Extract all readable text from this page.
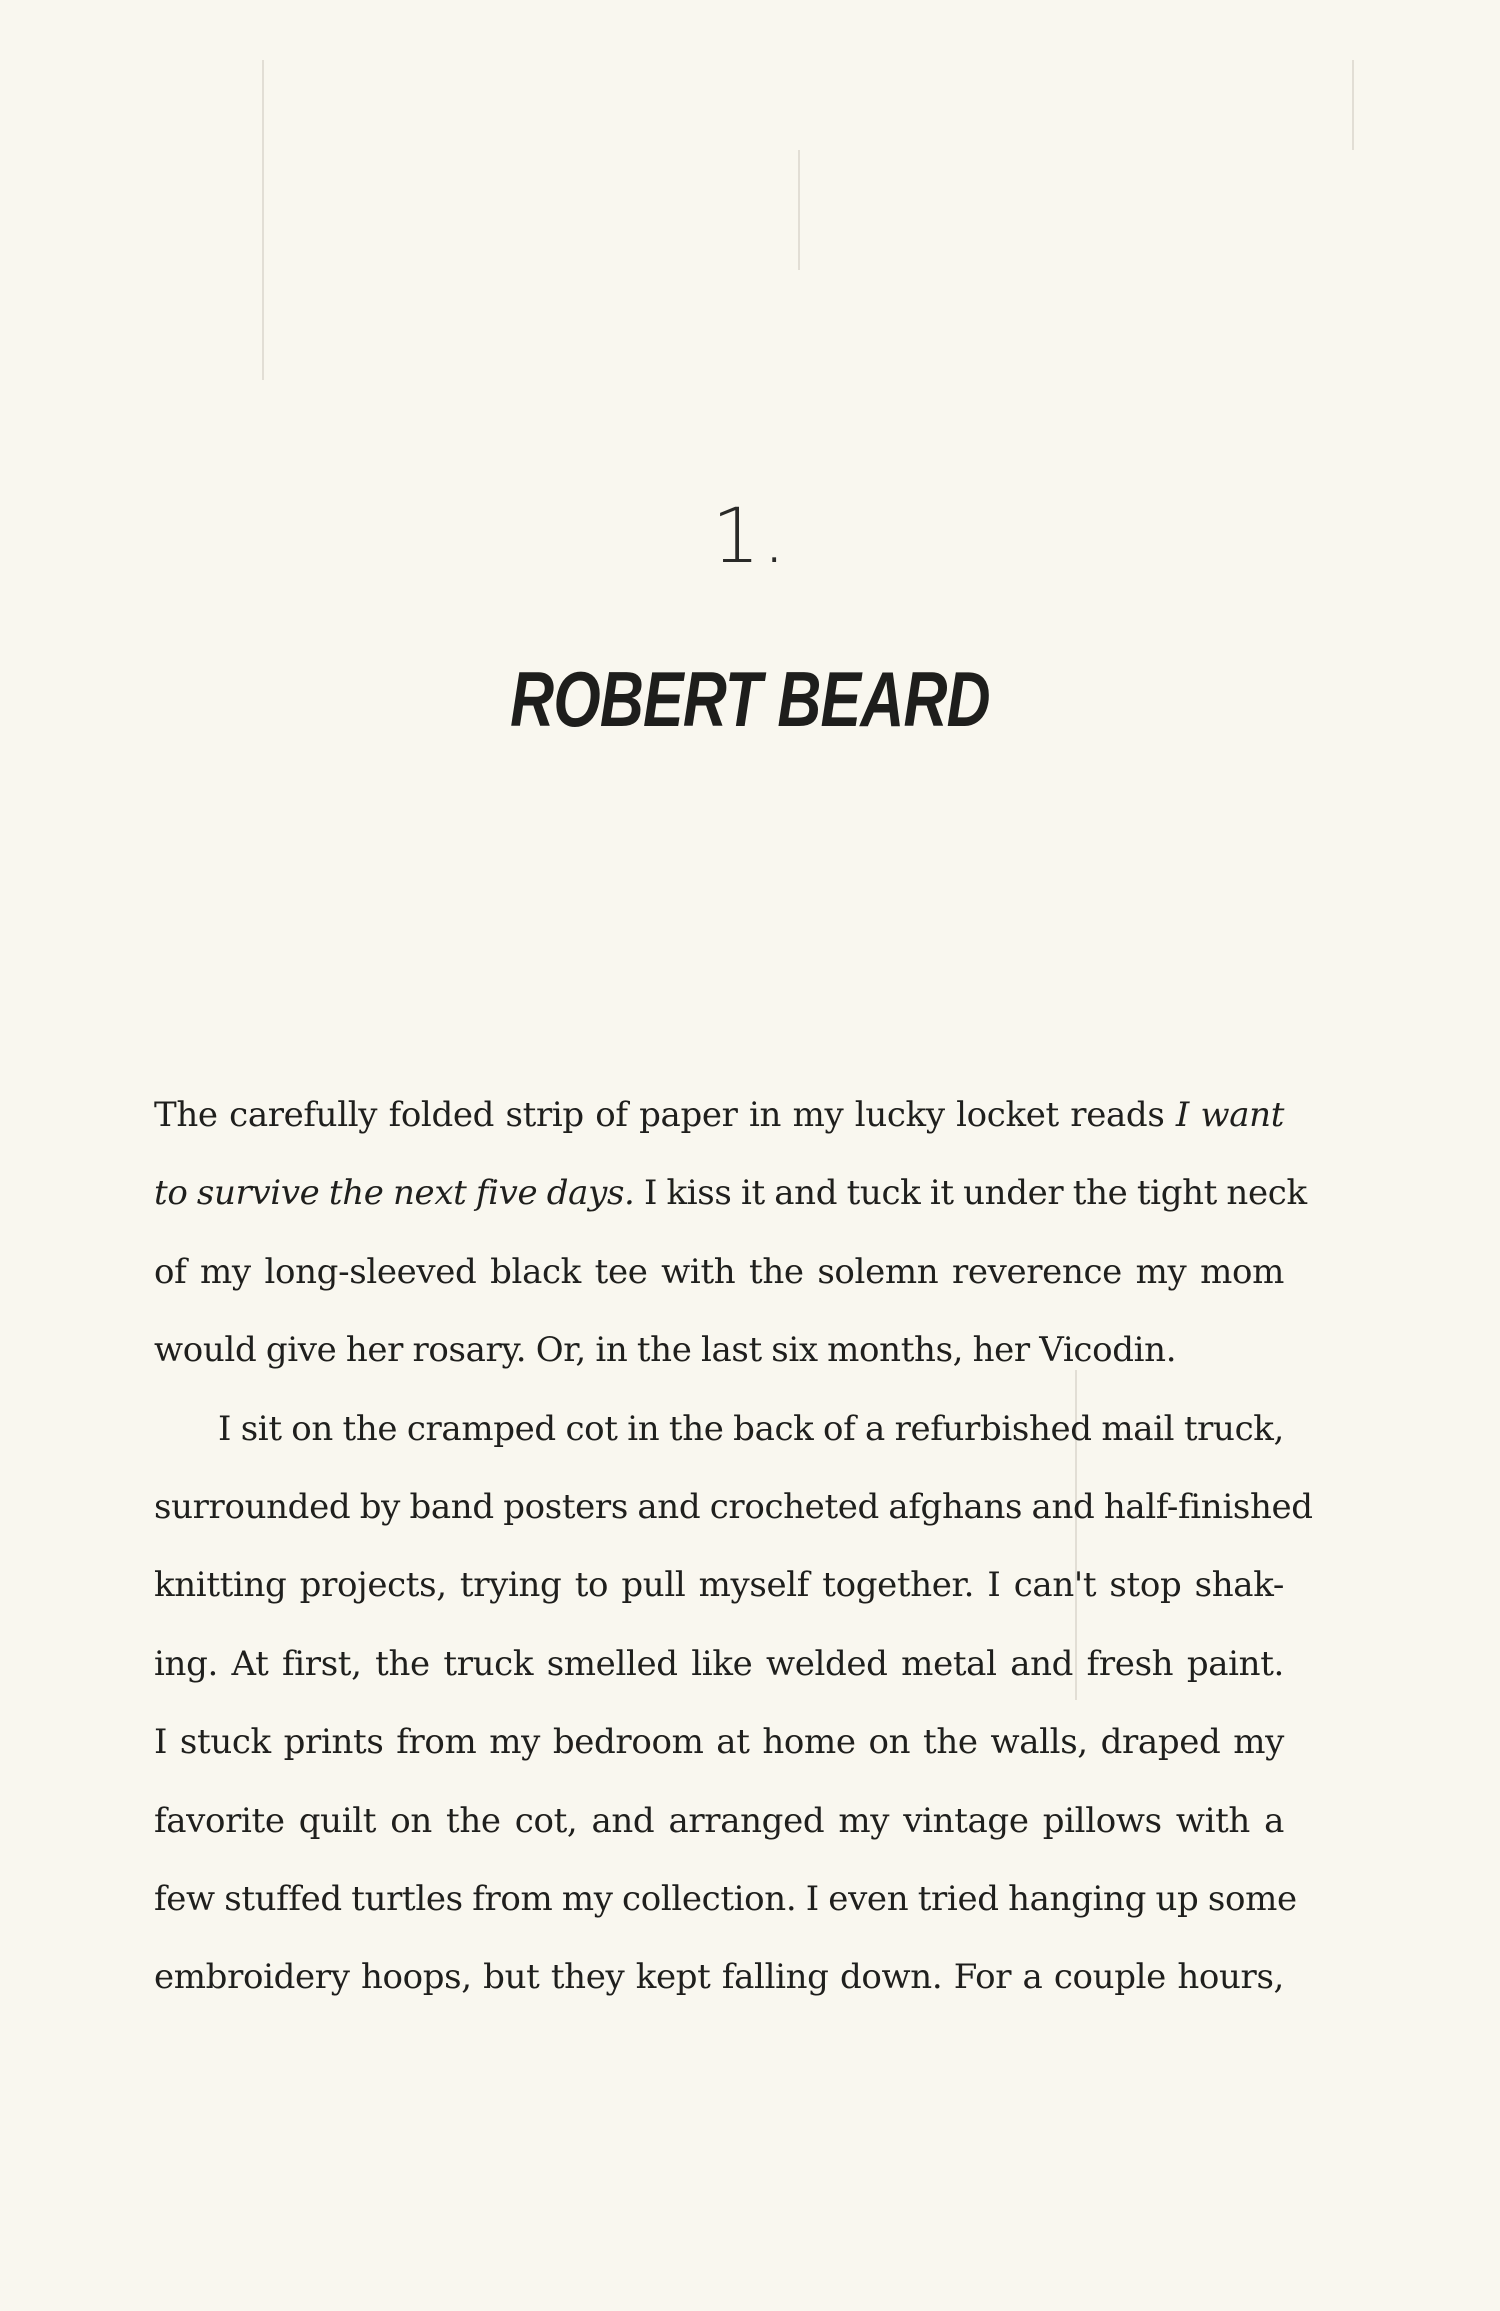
1.
ROBERT BEARD
The carefully folded strip of paper in my lucky locket reads I want
to survive the next five days. I kiss it and tuck it under the tight neck
of my long-sleeved black tee with the solemn reverence my mom
would give her rosary. Or, in the last six months, her Vicodin.
I sit on the cramped cot in the back of a refurbished mail truck,
surrounded by band posters and crocheted afghans and half-finished
knitting projects, trying to pull myself together. I can't stop shak-
ing. At first, the truck smelled like welded metal and fresh paint.
I stuck prints from my bedroom at home on the walls, draped my
favorite quilt on the cot, and arranged my vintage pillows with a
few stuffed turtles from my collection. I even tried hanging up some
embroidery hoops, but they kept falling down. For a couple hours,
